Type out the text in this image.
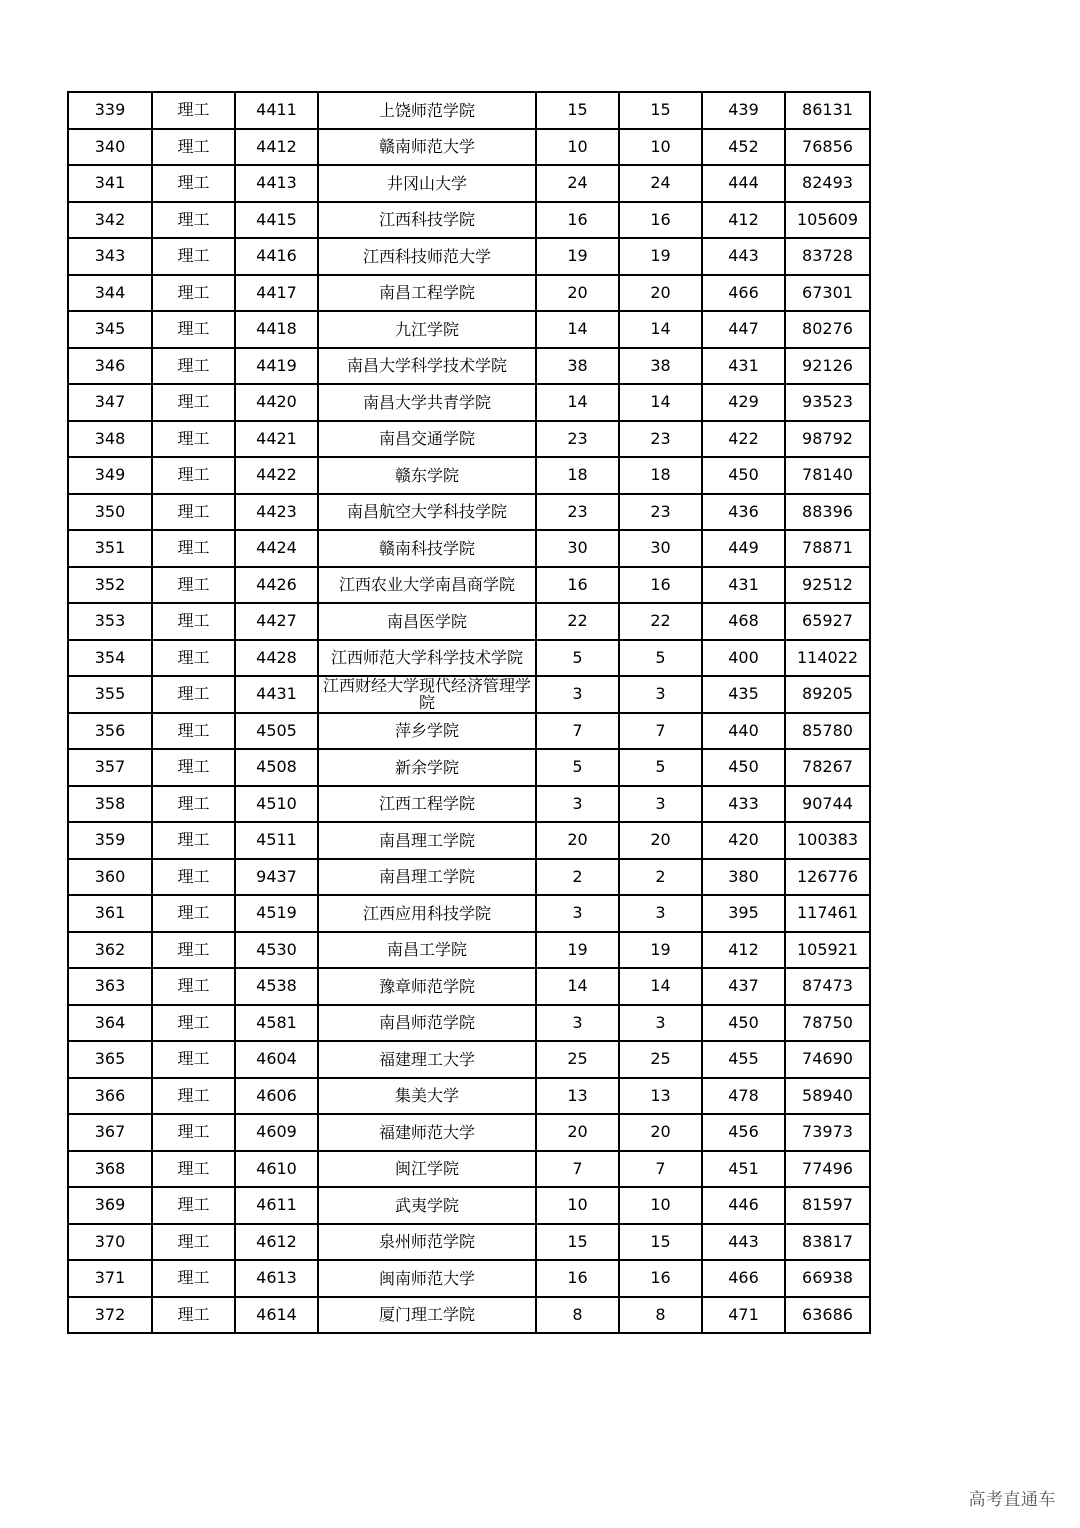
339	理工	4411	上饶师范学院	15	15	439	86131
340	理工	4412	赣南师范大学	10	10	452	76856
341	理工	4413	井冈山大学	24	24	444	82493
342	理工	4415	江西科技学院	16	16	412	105609
343	理工	4416	江西科技师范大学	19	19	443	83728
344	理工	4417	南昌工程学院	20	20	466	67301
345	理工	4418	九江学院	14	14	447	80276
346	理工	4419	南昌大学科学技术学院	38	38	431	92126
347	理工	4420	南昌大学共青学院	14	14	429	93523
348	理工	4421	南昌交通学院	23	23	422	98792
349	理工	4422	赣东学院	18	18	450	78140
350	理工	4423	南昌航空大学科技学院	23	23	436	88396
351	理工	4424	赣南科技学院	30	30	449	78871
352	理工	4426	江西农业大学南昌商学院	16	16	431	92512
353	理工	4427	南昌医学院	22	22	468	65927
354	理工	4428	江西师范大学科学技术学院	5	5	400	114022
355	理工	4431	江西财经大学现代经济管理学院	3	3	435	89205
356	理工	4505	萍乡学院	7	7	440	85780
357	理工	4508	新余学院	5	5	450	78267
358	理工	4510	江西工程学院	3	3	433	90744
359	理工	4511	南昌理工学院	20	20	420	100383
360	理工	9437	南昌理工学院	2	2	380	126776
361	理工	4519	江西应用科技学院	3	3	395	117461
362	理工	4530	南昌工学院	19	19	412	105921
363	理工	4538	豫章师范学院	14	14	437	87473
364	理工	4581	南昌师范学院	3	3	450	78750
365	理工	4604	福建理工大学	25	25	455	74690
366	理工	4606	集美大学	13	13	478	58940
367	理工	4609	福建师范大学	20	20	456	73973
368	理工	4610	闽江学院	7	7	451	77496
369	理工	4611	武夷学院	10	10	446	81597
370	理工	4612	泉州师范学院	15	15	443	83817
371	理工	4613	闽南师范大学	16	16	466	66938
372	理工	4614	厦门理工学院	8	8	471	63686
高考直通车
